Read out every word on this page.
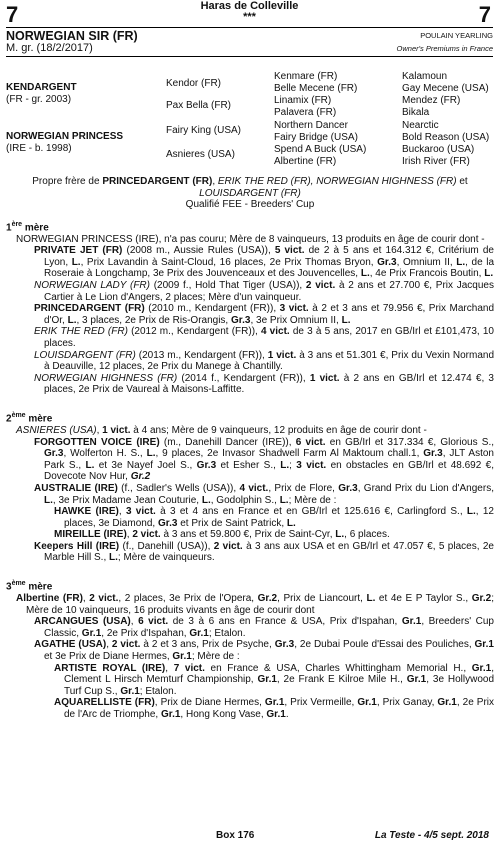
7	7
Haras de Colleville
***
NORWEGIAN SIR (FR)
M. gr. (18/2/2017)
POULAIN YEARLING
Owner's Premiums in France
KENDARGENT
(FR - gr. 2003)
NORWEGIAN PRINCESS
(IRE - b. 1998)
Kendor (FR)
Pax Bella (FR)
Fairy King (USA)
Asnieres (USA)
Kenmare (FR)
Belle Mecene (FR)
Linamix (FR)
Palavera (FR)
Northern Dancer
Fairy Bridge (USA)
Spend A Buck (USA)
Albertine (FR)
Kalamoun
Gay Mecene (USA)
Mendez (FR)
Bikala
Nearctic
Bold Reason (USA)
Buckaroo (USA)
Irish River (FR)

Propre frère de PRINCEDARGENT (FR), ERIK THE RED (FR), NORWEGIAN HIGHNESS (FR) et LOUISDARGENT (FR)

Qualifié FEE - Breeders' Cup

1ère mère

NORWEGIAN PRINCESS (IRE), n'a pas couru; Mère de 8 vainqueurs, 13 produits en âge de courir dont -

PRIVATE JET (FR) (2008 m., Aussie Rules (USA)), 5 vict. de 2 à 5 ans et 164.312 €, Critérium de Lyon, L., Prix Lavandin à Saint-Cloud, 16 places, 2e Prix Thomas Bryon, Gr.3, Omnium II, L., de la Roseraie à Longchamp, 3e Prix des Jouvenceaux et des Jouvencelles, L., 4e Prix Francois Boutin, L.

NORWEGIAN LADY (FR) (2009 f., Hold That Tiger (USA)), 2 vict. à 2 ans et 27.700 €, Prix Jacques Cartier à Le Lion d'Angers, 2 places; Mère d'un vainqueur.

PRINCEDARGENT (FR) (2010 m., Kendargent (FR)), 3 vict. à 2 et 3 ans et 79.956 €, Prix Marchand d'Or, L., 3 places, 2e Prix de Ris-Orangis, Gr.3, 3e Prix Omnium II, L.

ERIK THE RED (FR) (2012 m., Kendargent (FR)), 4 vict. de 3 à 5 ans, 2017 en GB/Irl et £101,473, 10 places.

LOUISDARGENT (FR) (2013 m., Kendargent (FR)), 1 vict. à 3 ans et 51.301 €, Prix du Vexin Normand à Deauville, 12 places, 2e Prix du Manege à Chantilly.

NORWEGIAN HIGHNESS (FR) (2014 f., Kendargent (FR)), 1 vict. à 2 ans en GB/Irl et 12.474 €, 3 places, 2e Prix de Vaureal à Maisons-Laffitte.

2ème mère

ASNIERES (USA), 1 vict. à 4 ans; Mère de 9 vainqueurs, 12 produits en âge de courir dont -

FORGOTTEN VOICE (IRE) (m., Danehill Dancer (IRE)), 6 vict. en GB/Irl et 317.334 €, Glorious S., Gr.3, Wolferton H. S., L., 9 places, 2e Invasor Shadwell Farm Al Maktoum chall.1, Gr.3, JLT Aston Park S., L. et 3e Nayef Joel S., Gr.3 et Esher S., L.; 3 vict. en obstacles en GB/Irl et 48.692 €, Dovecote Nov Hur, Gr.2

AUSTRALIE (IRE) (f., Sadler's Wells (USA)), 4 vict., Prix de Flore, Gr.3, Grand Prix du Lion d'Angers, L., 3e Prix Madame Jean Couturie, L., Godolphin S., L.; Mère de :

HAWKE (IRE), 3 vict. à 3 et 4 ans en France et en GB/Irl et 125.616 €, Carlingford S., L., 12 places, 3e Diamond, Gr.3 et Prix de Saint Patrick, L.

MIREILLE (IRE), 2 vict. à 3 ans et 59.800 €, Prix de Saint-Cyr, L., 6 places.

Keepers Hill (IRE) (f., Danehill (USA)), 2 vict. à 3 ans aux USA et en GB/Irl et 47.057 €, 5 places, 2e Marble Hill S., L.; Mère de vainqueurs.

3ème mère

Albertine (FR), 2 vict., 2 places, 3e Prix de l'Opera, Gr.2, Prix de Liancourt, L. et 4e E P Taylor S., Gr.2; Mère de 10 vainqueurs, 16 produits vivants en âge de courir dont

ARCANGUES (USA), 6 vict. de 3 à 6 ans en France & USA, Prix d'Ispahan, Gr.1, Breeders' Cup Classic, Gr.1, 2e Prix d'Ispahan, Gr.1; Etalon.

AGATHE (USA), 2 vict. à 2 et 3 ans, Prix de Psyche, Gr.3, 2e Dubai Poule d'Essai des Pouliches, Gr.1 et 3e Prix de Diane Hermes, Gr.1; Mère de :

ARTISTE ROYAL (IRE), 7 vict. en France & USA, Charles Whittingham Memorial H., Gr.1, Clement L Hirsch Memturf Championship, Gr.1, 2e Frank E Kilroe Mile H., Gr.1, 3e Hollywood Turf Cup S., Gr.1; Etalon.

AQUARELLISTE (FR), Prix de Diane Hermes, Gr.1, Prix Vermeille, Gr.1, Prix Ganay, Gr.1, 2e Prix de l'Arc de Triomphe, Gr.1, Hong Kong Vase, Gr.1.

Box 176	La Teste - 4/5 sept. 2018
